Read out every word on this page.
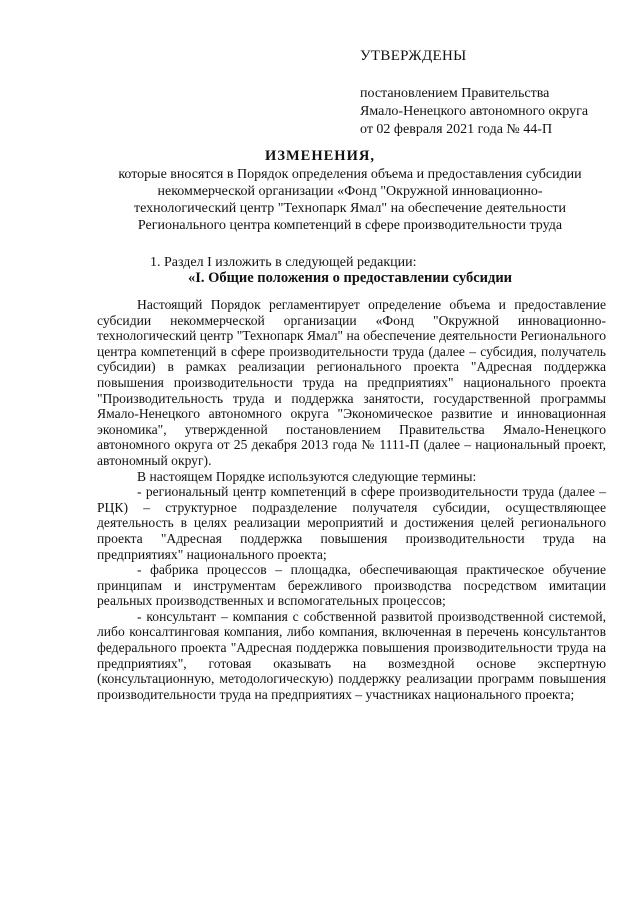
УТВЕРЖДЕНЫ
постановлением Правительства
Ямало-Ненецкого автономного округа
от 02 февраля 2021 года № 44-П
ИЗМЕНЕНИЯ,
которые вносятся в Порядок определения объема и предоставления субсидии некоммерческой организации «Фонд "Окружной инновационно-технологический центр "Технопарк Ямал" на обеспечение деятельности Регионального центра компетенций в сфере производительности труда
1. Раздел I изложить в следующей редакции:
«I. Общие положения о предоставлении субсидии

Настоящий Порядок регламентирует определение объема и предоставление субсидии некоммерческой организации «Фонд "Окружной инновационно-технологический центр "Технопарк Ямал" на обеспечение деятельности Регионального центра компетенций в сфере производительности труда (далее – субсидия, получатель субсидии) в рамках реализации регионального проекта "Адресная поддержка повышения производительности труда на предприятиях" национального проекта "Производительность труда и поддержка занятости, государственной программы Ямало-Ненецкого автономного округа "Экономическое развитие и инновационная экономика", утвержденной постановлением Правительства Ямало-Ненецкого автономного округа от 25 декабря 2013 года № 1111-П (далее – национальный проект, автономный округ).

В настоящем Порядке используются следующие термины:

- региональный центр компетенций в сфере производительности труда (далее – РЦК) – структурное подразделение получателя субсидии, осуществляющее деятельность в целях реализации мероприятий и достижения целей регионального проекта "Адресная поддержка повышения производительности труда на предприятиях" национального проекта;

- фабрика процессов – площадка, обеспечивающая практическое обучение принципам и инструментам бережливого производства посредством имитации реальных производственных и вспомогательных процессов;

- консультант – компания с собственной развитой производственной системой, либо консалтинговая компания, либо компания, включенная в перечень консультантов федерального проекта "Адресная поддержка повышения производительности труда на предприятиях", готовая оказывать на возмездной основе экспертную (консультационную, методологическую) поддержку реализации программ повышения производительности труда на предприятиях – участниках национального проекта;
